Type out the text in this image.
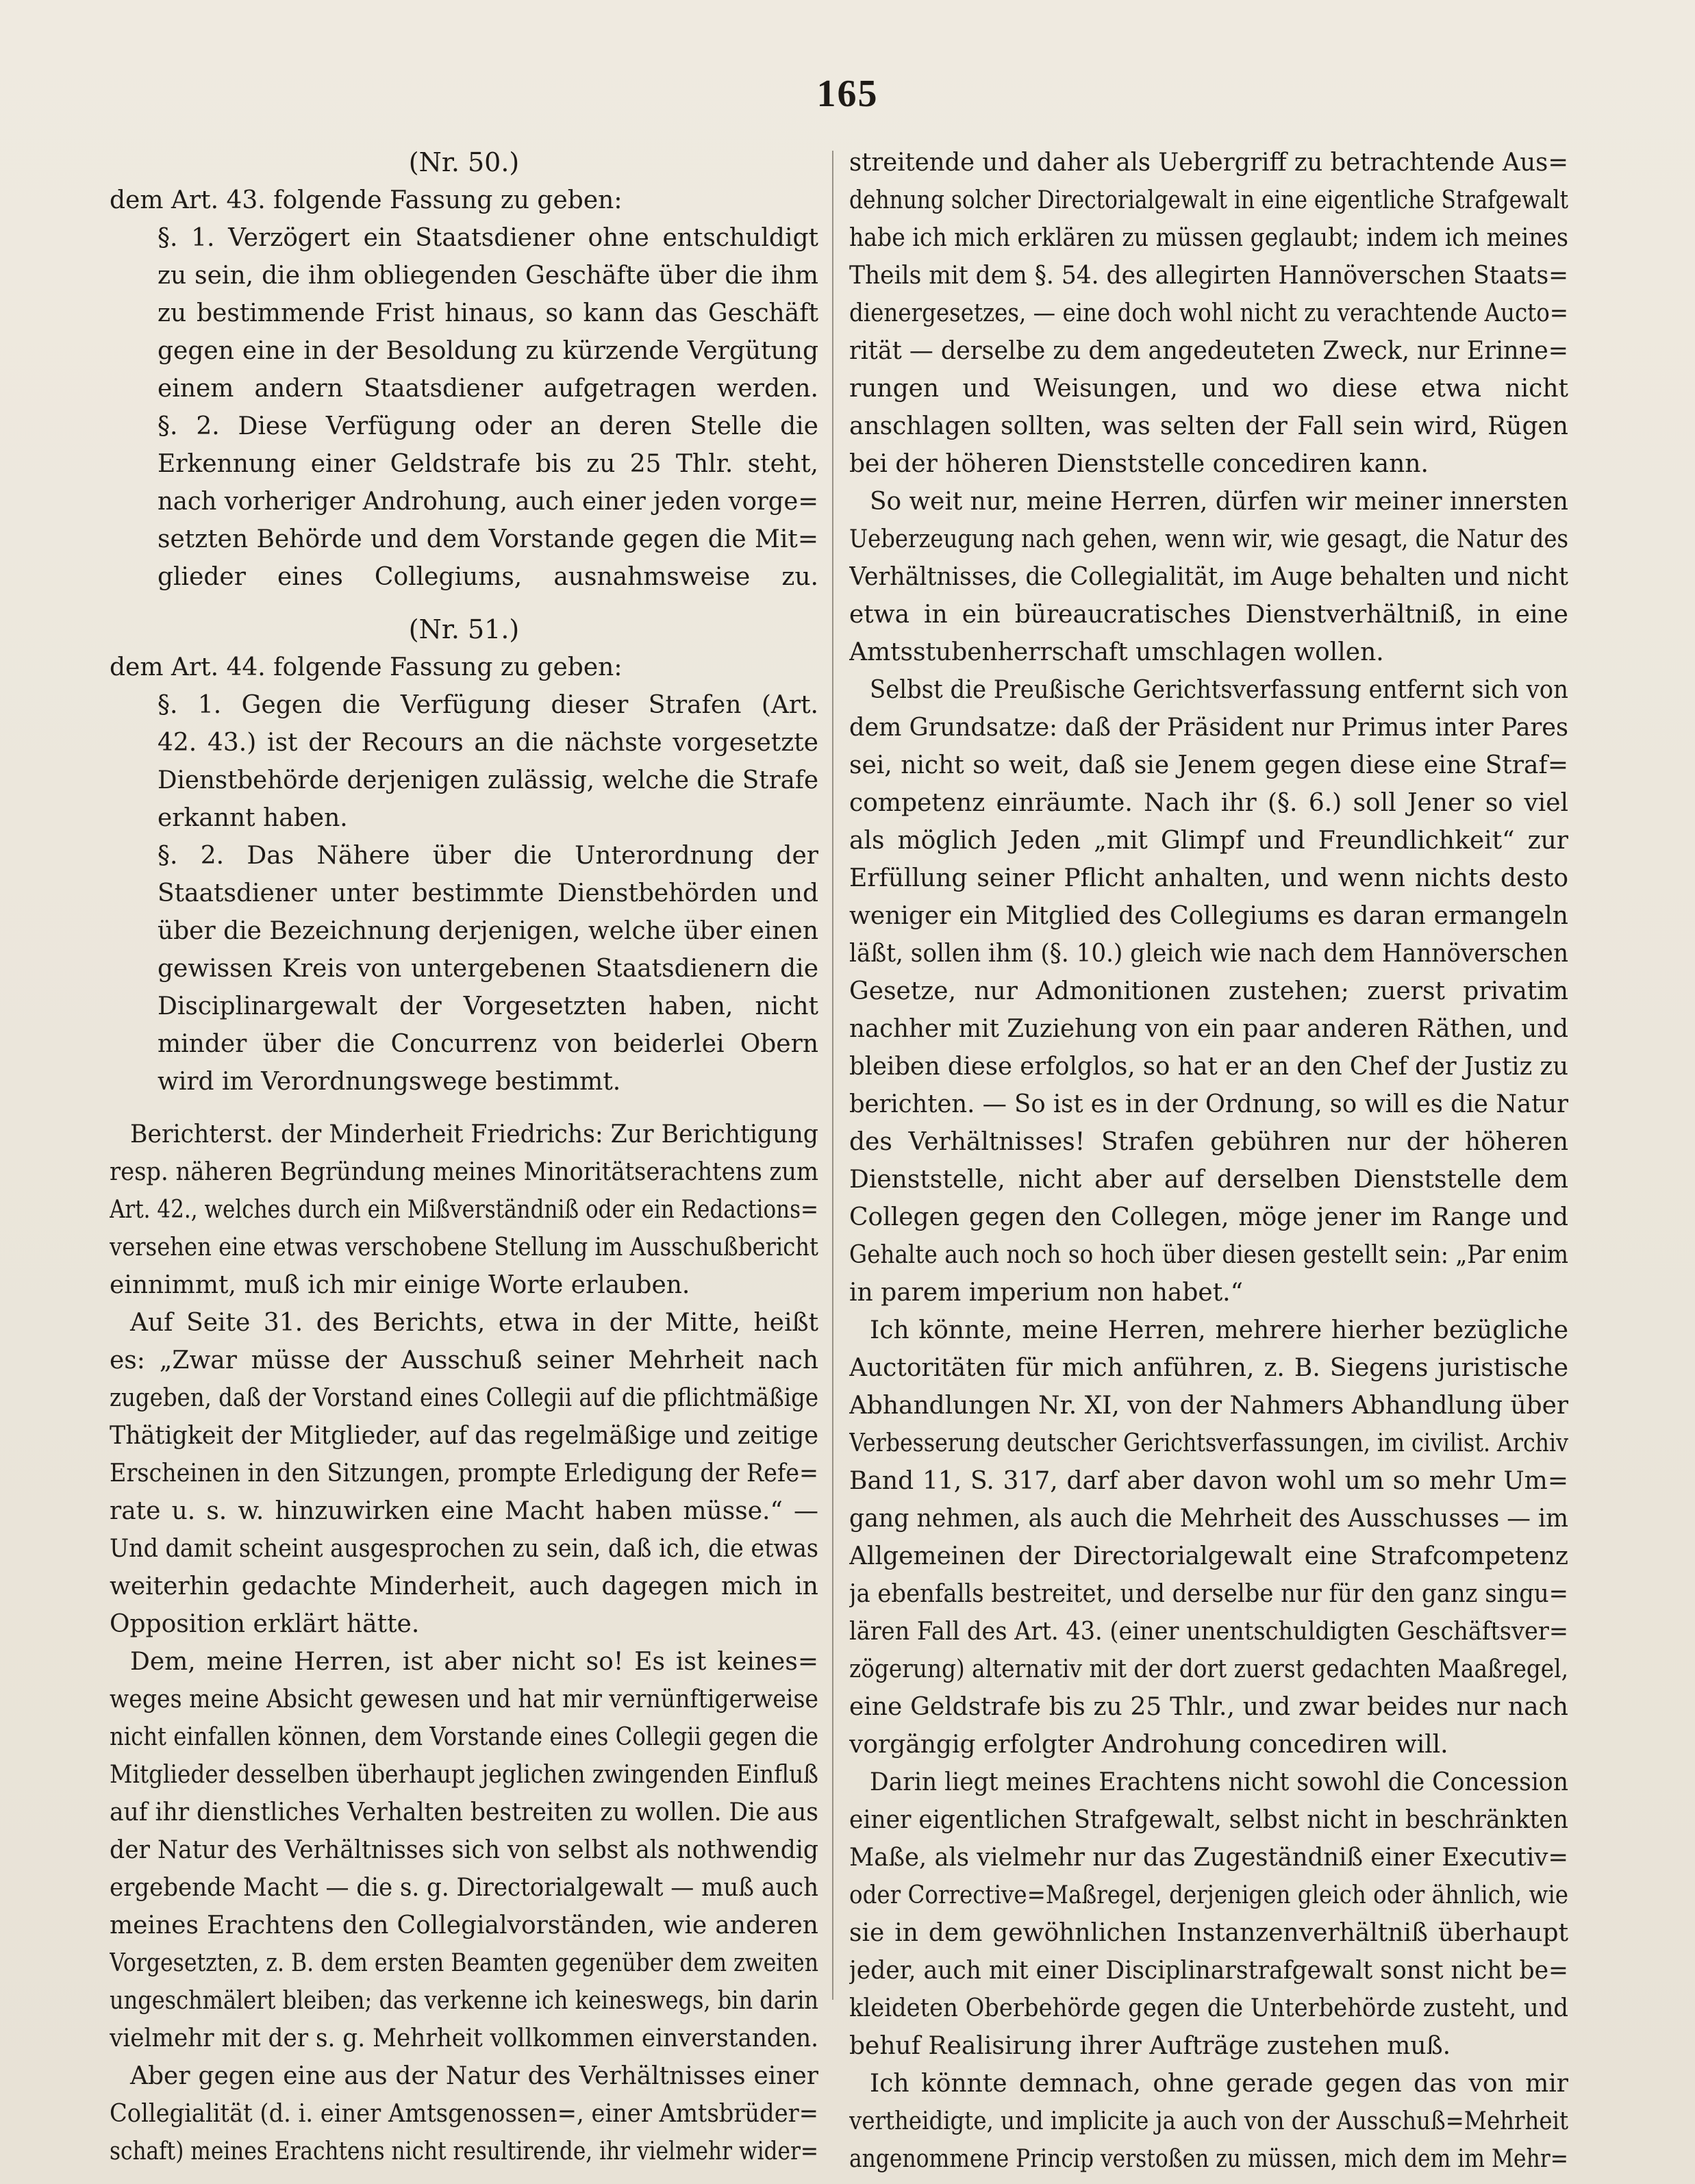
165
(Nr. 50.)
dem Art. 43. folgende Fassung zu geben:
§. 1. Verzögert ein Staatsdiener ohne entschuldigt
zu sein, die ihm obliegenden Geschäfte über die ihm
zu bestimmende Frist hinaus, so kann das Geschäft
gegen eine in der Besoldung zu kürzende Vergütung
einem andern Staatsdiener aufgetragen werden.
§. 2. Diese Verfügung oder an deren Stelle die
Erkennung einer Geldstrafe bis zu 25 Thlr. steht,
nach vorheriger Androhung, auch einer jeden vorge=
setzten Behörde und dem Vorstande gegen die Mit=
glieder eines Collegiums, ausnahmsweise zu.
(Nr. 51.)
dem Art. 44. folgende Fassung zu geben:
§. 1. Gegen die Verfügung dieser Strafen (Art.
42. 43.) ist der Recours an die nächste vorgesetzte
Dienstbehörde derjenigen zulässig, welche die Strafe
erkannt haben.
§. 2. Das Nähere über die Unterordnung der
Staatsdiener unter bestimmte Dienstbehörden und
über die Bezeichnung derjenigen, welche über einen
gewissen Kreis von untergebenen Staatsdienern die
Disciplinargewalt der Vorgesetzten haben, nicht
minder über die Concurrenz von beiderlei Obern
wird im Verordnungswege bestimmt.
Berichterst. der Minderheit Friedrichs: Zur Berichtigung
resp. näheren Begründung meines Minoritätserachtens zum
Art. 42., welches durch ein Mißverständniß oder ein Redactions=
versehen eine etwas verschobene Stellung im Ausschußbericht
einnimmt, muß ich mir einige Worte erlauben.
Auf Seite 31. des Berichts, etwa in der Mitte, heißt
es: „Zwar müsse der Ausschuß seiner Mehrheit nach
zugeben, daß der Vorstand eines Collegii auf die pflichtmäßige
Thätigkeit der Mitglieder, auf das regelmäßige und zeitige
Erscheinen in den Sitzungen, prompte Erledigung der Refe=
rate u. s. w. hinzuwirken eine Macht haben müsse.“ —
Und damit scheint ausgesprochen zu sein, daß ich, die etwas
weiterhin gedachte Minderheit, auch dagegen mich in
Opposition erklärt hätte.
Dem, meine Herren, ist aber nicht so! Es ist keines=
weges meine Absicht gewesen und hat mir vernünftigerweise
nicht einfallen können, dem Vorstande eines Collegii gegen die
Mitglieder desselben überhaupt jeglichen zwingenden Einfluß
auf ihr dienstliches Verhalten bestreiten zu wollen. Die aus
der Natur des Verhältnisses sich von selbst als nothwendig
ergebende Macht — die s. g. Directorialgewalt — muß auch
meines Erachtens den Collegialvorständen, wie anderen
Vorgesetzten, z. B. dem ersten Beamten gegenüber dem zweiten
ungeschmälert bleiben; das verkenne ich keineswegs, bin darin
vielmehr mit der s. g. Mehrheit vollkommen einverstanden.
Aber gegen eine aus der Natur des Verhältnisses einer
Collegialität (d. i. einer Amtsgenossen=, einer Amtsbrüder=
schaft) meines Erachtens nicht resultirende, ihr vielmehr wider=
streitende und daher als Uebergriff zu betrachtende Aus=
dehnung solcher Directorialgewalt in eine eigentliche Strafgewalt
habe ich mich erklären zu müssen geglaubt; indem ich meines
Theils mit dem §. 54. des allegirten Hannöverschen Staats=
dienergesetzes, — eine doch wohl nicht zu verachtende Aucto=
rität — derselbe zu dem angedeuteten Zweck, nur Erinne=
rungen und Weisungen, und wo diese etwa nicht
anschlagen sollten, was selten der Fall sein wird, Rügen
bei der höheren Dienststelle concediren kann.
So weit nur, meine Herren, dürfen wir meiner innersten
Ueberzeugung nach gehen, wenn wir, wie gesagt, die Natur des
Verhältnisses, die Collegialität, im Auge behalten und nicht
etwa in ein büreaucratisches Dienstverhältniß, in eine
Amtsstubenherrschaft umschlagen wollen.
Selbst die Preußische Gerichtsverfassung entfernt sich von
dem Grundsatze: daß der Präsident nur Primus inter Pares
sei, nicht so weit, daß sie Jenem gegen diese eine Straf=
competenz einräumte. Nach ihr (§. 6.) soll Jener so viel
als möglich Jeden „mit Glimpf und Freundlichkeit“ zur
Erfüllung seiner Pflicht anhalten, und wenn nichts desto
weniger ein Mitglied des Collegiums es daran ermangeln
läßt, sollen ihm (§. 10.) gleich wie nach dem Hannöverschen
Gesetze, nur Admonitionen zustehen; zuerst privatim
nachher mit Zuziehung von ein paar anderen Räthen, und
bleiben diese erfolglos, so hat er an den Chef der Justiz zu
berichten. — So ist es in der Ordnung, so will es die Natur
des Verhältnisses! Strafen gebühren nur der höheren
Dienststelle, nicht aber auf derselben Dienststelle dem
Collegen gegen den Collegen, möge jener im Range und
Gehalte auch noch so hoch über diesen gestellt sein: „Par enim
in parem imperium non habet.“
Ich könnte, meine Herren, mehrere hierher bezügliche
Auctoritäten für mich anführen, z. B. Siegens juristische
Abhandlungen Nr. XI, von der Nahmers Abhandlung über
Verbesserung deutscher Gerichtsverfassungen, im civilist. Archiv
Band 11, S. 317, darf aber davon wohl um so mehr Um=
gang nehmen, als auch die Mehrheit des Ausschusses — im
Allgemeinen der Directorialgewalt eine Strafcompetenz
ja ebenfalls bestreitet, und derselbe nur für den ganz singu=
lären Fall des Art. 43. (einer unentschuldigten Geschäftsver=
zögerung) alternativ mit der dort zuerst gedachten Maaßregel,
eine Geldstrafe bis zu 25 Thlr., und zwar beides nur nach
vorgängig erfolgter Androhung concediren will.
Darin liegt meines Erachtens nicht sowohl die Concession
einer eigentlichen Strafgewalt, selbst nicht in beschränkten
Maße, als vielmehr nur das Zugeständniß einer Executiv=
oder Corrective=Maßregel, derjenigen gleich oder ähnlich, wie
sie in dem gewöhnlichen Instanzenverhältniß überhaupt
jeder, auch mit einer Disciplinarstrafgewalt sonst nicht be=
kleideten Oberbehörde gegen die Unterbehörde zusteht, und
behuf Realisirung ihrer Aufträge zustehen muß.
Ich könnte demnach, ohne gerade gegen das von mir
vertheidigte, und implicite ja auch von der Ausschuß=Mehrheit
angenommene Princip verstoßen zu müssen, mich dem im Mehr=
